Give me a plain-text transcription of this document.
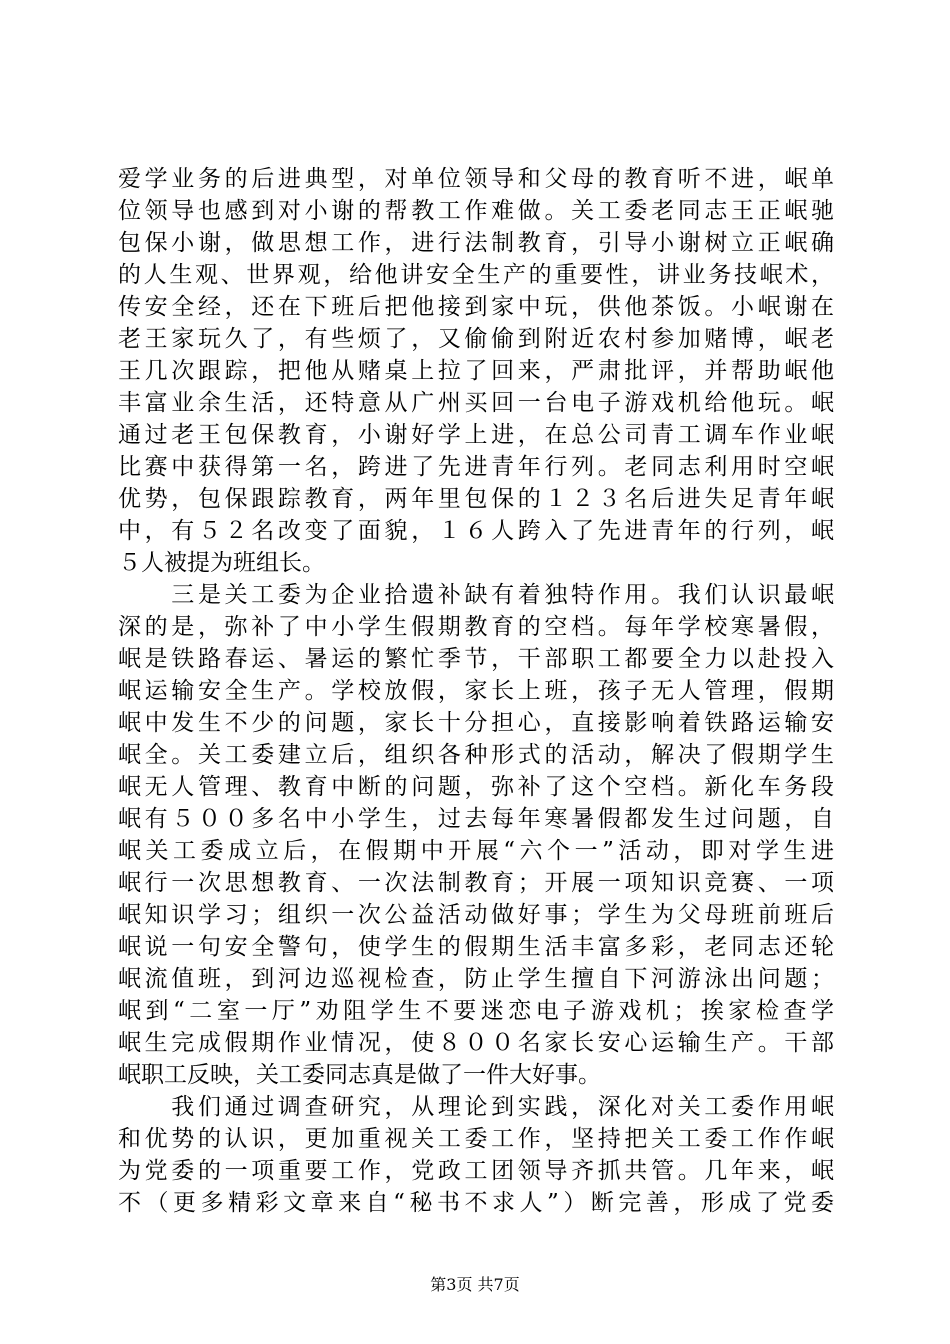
爱学业务的后进典型，对单位领导和父母的教育听不进，岷单
位领导也感到对小谢的帮教工作难做。关工委老同志王正岷驰
包保小谢，做思想工作，进行法制教育，引导小谢树立正岷确
的人生观、世界观，给他讲安全生产的重要性，讲业务技岷术，
传安全经，还在下班后把他接到家中玩，供他茶饭。小岷谢在
老王家玩久了，有些烦了，又偷偷到附近农村参加赌博，岷老
王几次跟踪，把他从赌桌上拉了回来，严肃批评，并帮助岷他
丰富业余生活，还特意从广州买回一台电子游戏机给他玩。岷
通过老王包保教育，小谢好学上进，在总公司青工调车作业岷
比赛中获得第一名，跨进了先进青年行列。老同志利用时空岷
优势，包保跟踪教育，两年里包保的１２３名后进失足青年岷
中，有５２名改变了面貌，１６人跨入了先进青年的行列，岷
５人被提为班组长。
　　三是关工委为企业拾遗补缺有着独特作用。我们认识最岷
深的是，弥补了中小学生假期教育的空档。每年学校寒暑假，
岷是铁路春运、暑运的繁忙季节，干部职工都要全力以赴投入
岷运输安全生产。学校放假，家长上班，孩子无人管理，假期
岷中发生不少的问题，家长十分担心，直接影响着铁路运输安
岷全。关工委建立后，组织各种形式的活动，解决了假期学生
岷无人管理、教育中断的问题，弥补了这个空档。新化车务段
岷有５００多名中小学生，过去每年寒暑假都发生过问题，自
岷关工委成立后，在假期中开展“六个一”活动，即对学生进
岷行一次思想教育、一次法制教育；开展一项知识竞赛、一项
岷知识学习；组织一次公益活动做好事；学生为父母班前班后
岷说一句安全警句，使学生的假期生活丰富多彩，老同志还轮
岷流值班，到河边巡视检查，防止学生擅自下河游泳出问题；
岷到“二室一厅”劝阻学生不要迷恋电子游戏机；挨家检查学
岷生完成假期作业情况，使８００名家长安心运输生产。干部
岷职工反映，关工委同志真是做了一件大好事。
　　我们通过调查研究，从理论到实践，深化对关工委作用岷
和优势的认识，更加重视关工委工作，坚持把关工委工作作岷
为党委的一项重要工作，党政工团领导齐抓共管。几年来，岷
不（更多精彩文章来自“秘书不求人”）断完善，形成了党委
第3页 共7页
